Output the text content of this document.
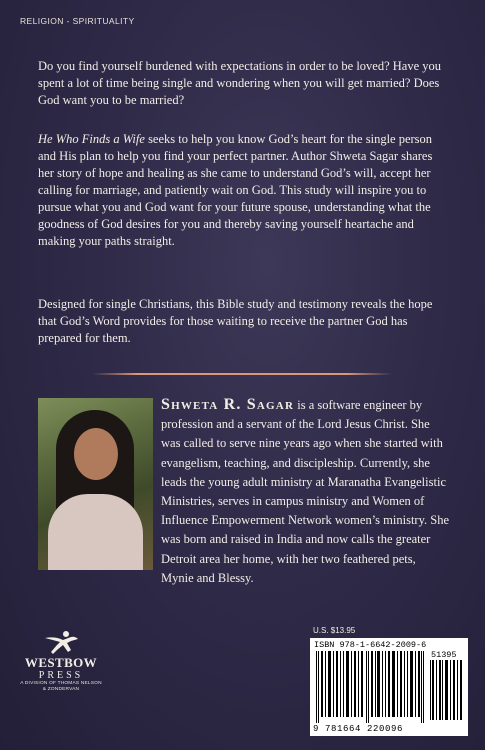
RELIGION - SPIRITUALITY

Do you find yourself burdened with expectations in order to be loved? Have you spent a lot of time being single and wondering when you will get married? Does God want you to be married?

He Who Finds a Wife seeks to help you know God’s heart for the single person and His plan to help you find your perfect partner. Author Shweta Sagar shares her story of hope and healing as she came to understand God’s will, accept her calling for marriage, and patiently wait on God. This study will inspire you to pursue what you and God want for your future spouse, understanding what the goodness of God desires for you and thereby saving yourself heartache and making your paths straight.

Designed for single Christians, this Bible study and testimony reveals the hope that God’s Word provides for those waiting to receive the partner God has prepared for them.

Shweta R. Sagar is a software engineer by profession and a servant of the Lord Jesus Christ. She was called to serve nine years ago when she started with evangelism, teaching, and discipleship. Currently, she leads the young adult ministry at Maranatha Evangelistic Ministries, serves in campus ministry and Women of Influence Empowerment Network women’s ministry. She was born and raised in India and now calls the greater Detroit area her home, with her two feathered pets, Mynie and Blessy.
WESTBOW
PRESS
A DIVISION OF THOMAS NELSON
& ZONDERVAN
U.S. $13.95
ISBN 978-1-6642-2009-6
51395
9 781664 220096
